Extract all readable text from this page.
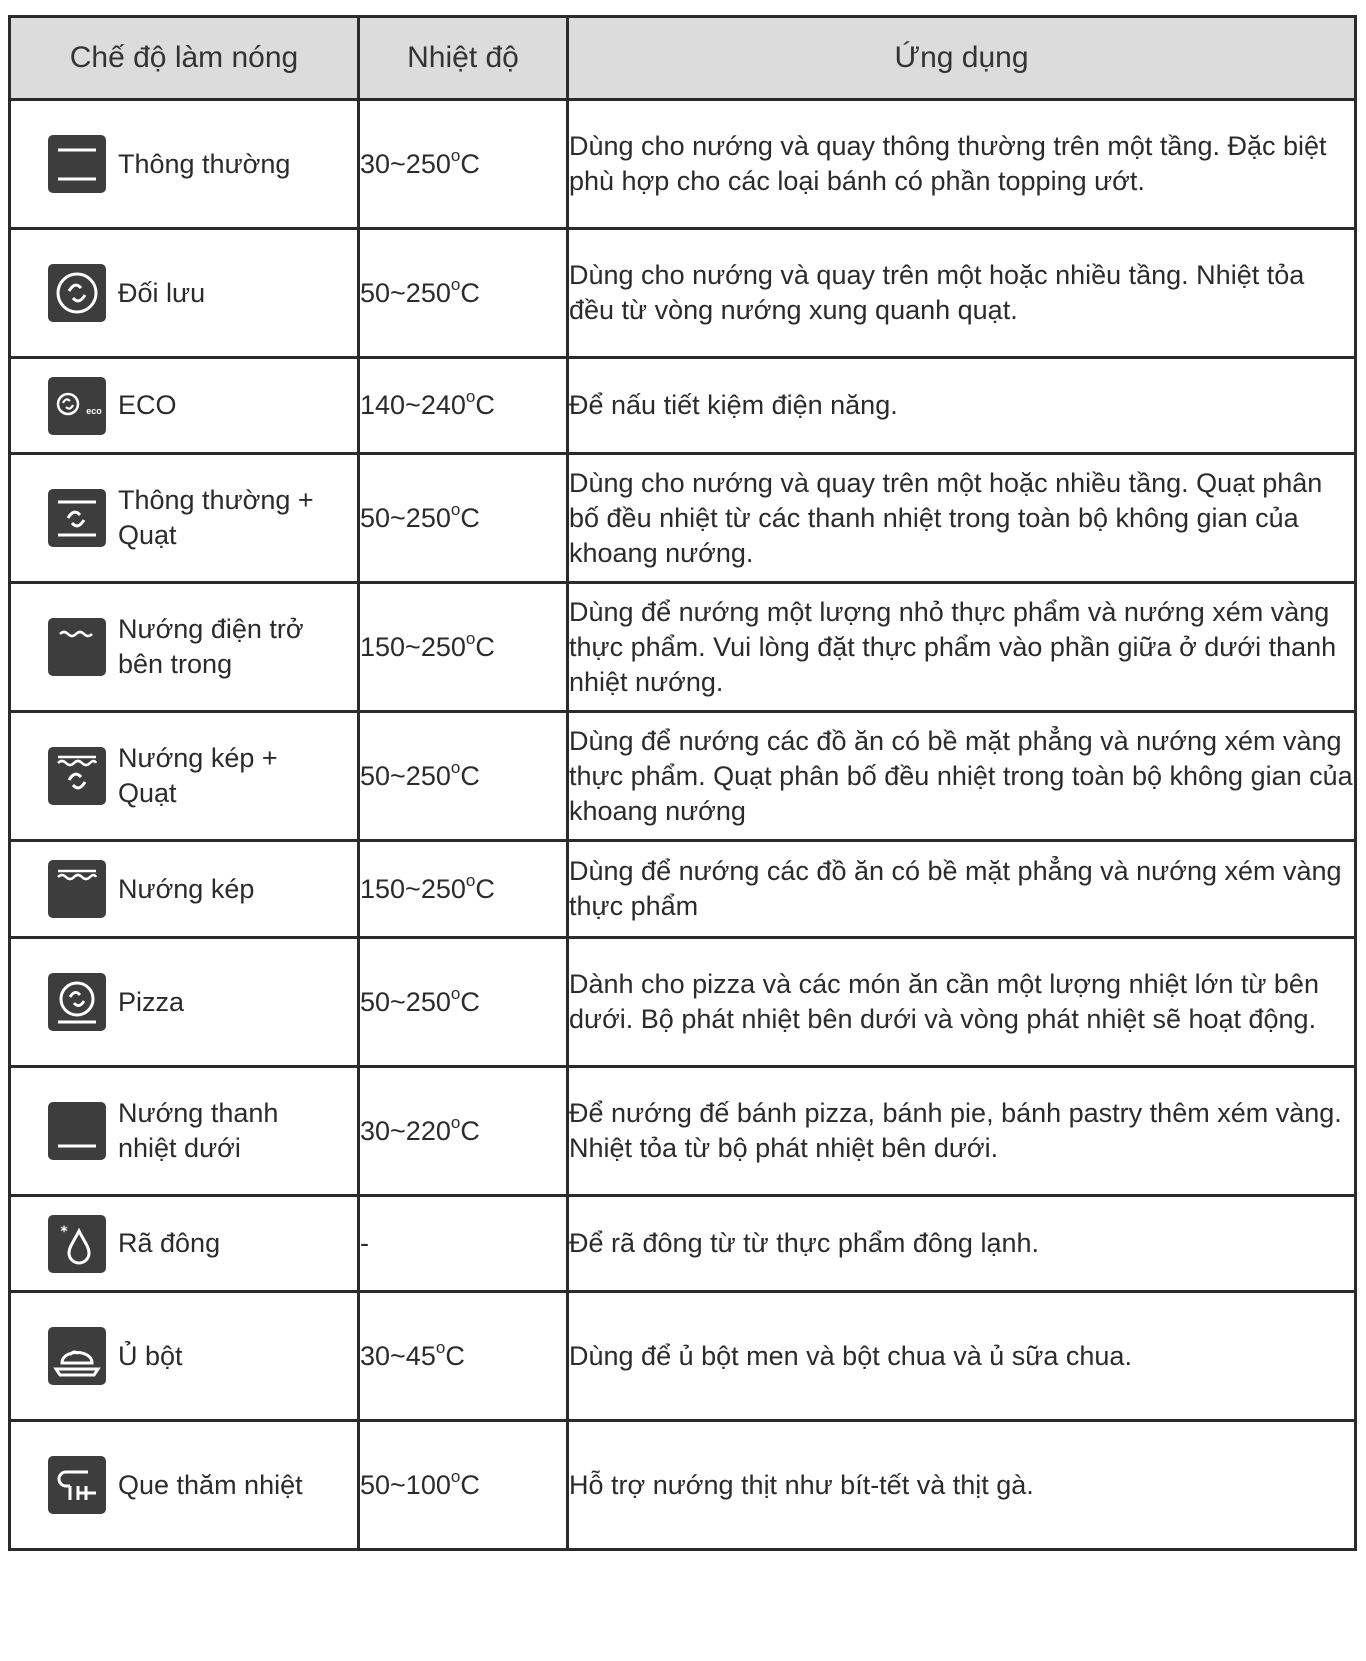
Chế độ làm nóng	Nhiệt độ	Ứng dụng

Thông thường	30~250$^o$C	Dùng cho nướng và quay thông thường trên một tầng. Đặc biệt phù hợp cho các loại bánh có phần topping ướt.

Đối lưu	50~250$^o$C	Dùng cho nướng và quay trên một hoặc nhiều tầng. Nhiệt tỏa đều từ vòng nướng xung quanh quạt.

eco ECO	140~240$^o$C	Để nấu tiết kiệm điện năng.

Thông thường +
Quạt	50~250$^o$C	Dùng cho nướng và quay trên một hoặc nhiều tầng. Quạt phân bố đều nhiệt từ các thanh nhiệt trong toàn bộ không gian của khoang nướng.

Nướng điện trở
bên trong	150~250$^o$C	Dùng để nướng một lượng nhỏ thực phẩm và nướng xém vàng thực phẩm. Vui lòng đặt thực phẩm vào phần giữa ở dưới thanh nhiệt nướng.

Nướng kép +
Quạt	50~250$^o$C	Dùng để nướng các đồ ăn có bề mặt phẳng và nướng xém vàng thực phẩm. Quạt phân bố đều nhiệt trong toàn bộ không gian của khoang nướng

Nướng kép	150~250$^o$C	Dùng để nướng các đồ ăn có bề mặt phẳng và nướng xém vàng thực phẩm

Pizza	50~250$^o$C	Dành cho pizza và các món ăn cần một lượng nhiệt lớn từ bên dưới. Bộ phát nhiệt bên dưới và vòng phát nhiệt sẽ hoạt động.

Nướng thanh
nhiệt dưới	30~220$^o$C	Để nướng đế bánh pizza, bánh pie, bánh pastry thêm xém vàng. Nhiệt tỏa từ bộ phát nhiệt bên dưới.

* Rã đông	-	Để rã đông từ từ thực phẩm đông lạnh.

Ủ bột	30~45$^o$C	Dùng để ủ bột men và bột chua và ủ sữa chua.

Que thăm nhiệt	50~100$^o$C	Hỗ trợ nướng thịt như bít-tết và thịt gà.
